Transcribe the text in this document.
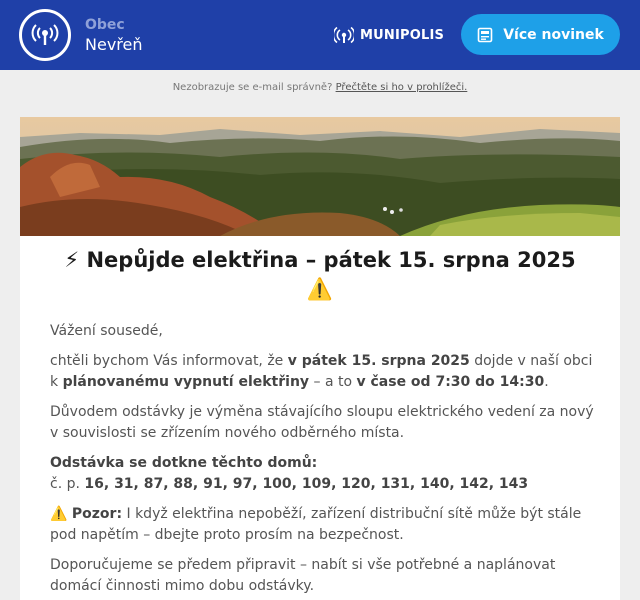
Obec
Nevřeň	MUNIPOLIS	Více novinek
Nezobrazuje se e-mail správně? Přečtěte si ho v prohlížeči.
⚡ Nepůjde elektřina – pátek 15. srpna 2025
⚠️

Vážení sousedé,

chtěli bychom Vás informovat, že v pátek 15. srpna 2025 dojde v naší obci k plánovanému vypnutí elektřiny – a to v čase od 7:30 do 14:30.

Důvodem odstávky je výměna stávajícího sloupu elektrického vedení za nový v souvislosti se zřízením nového odběrného místa.

Odstávka se dotkne těchto domů:
č. p. 16, 31, 87, 88, 91, 97, 100, 109, 120, 131, 140, 142, 143

⚠️ Pozor: I když elektřina nepoběží, zařízení distribuční sítě může být stále pod napětím – dbejte proto prosím na bezpečnost.

Doporučujeme se předem připravit – nabít si vše potřebné a naplánovat domácí činnosti mimo dobu odstávky.
